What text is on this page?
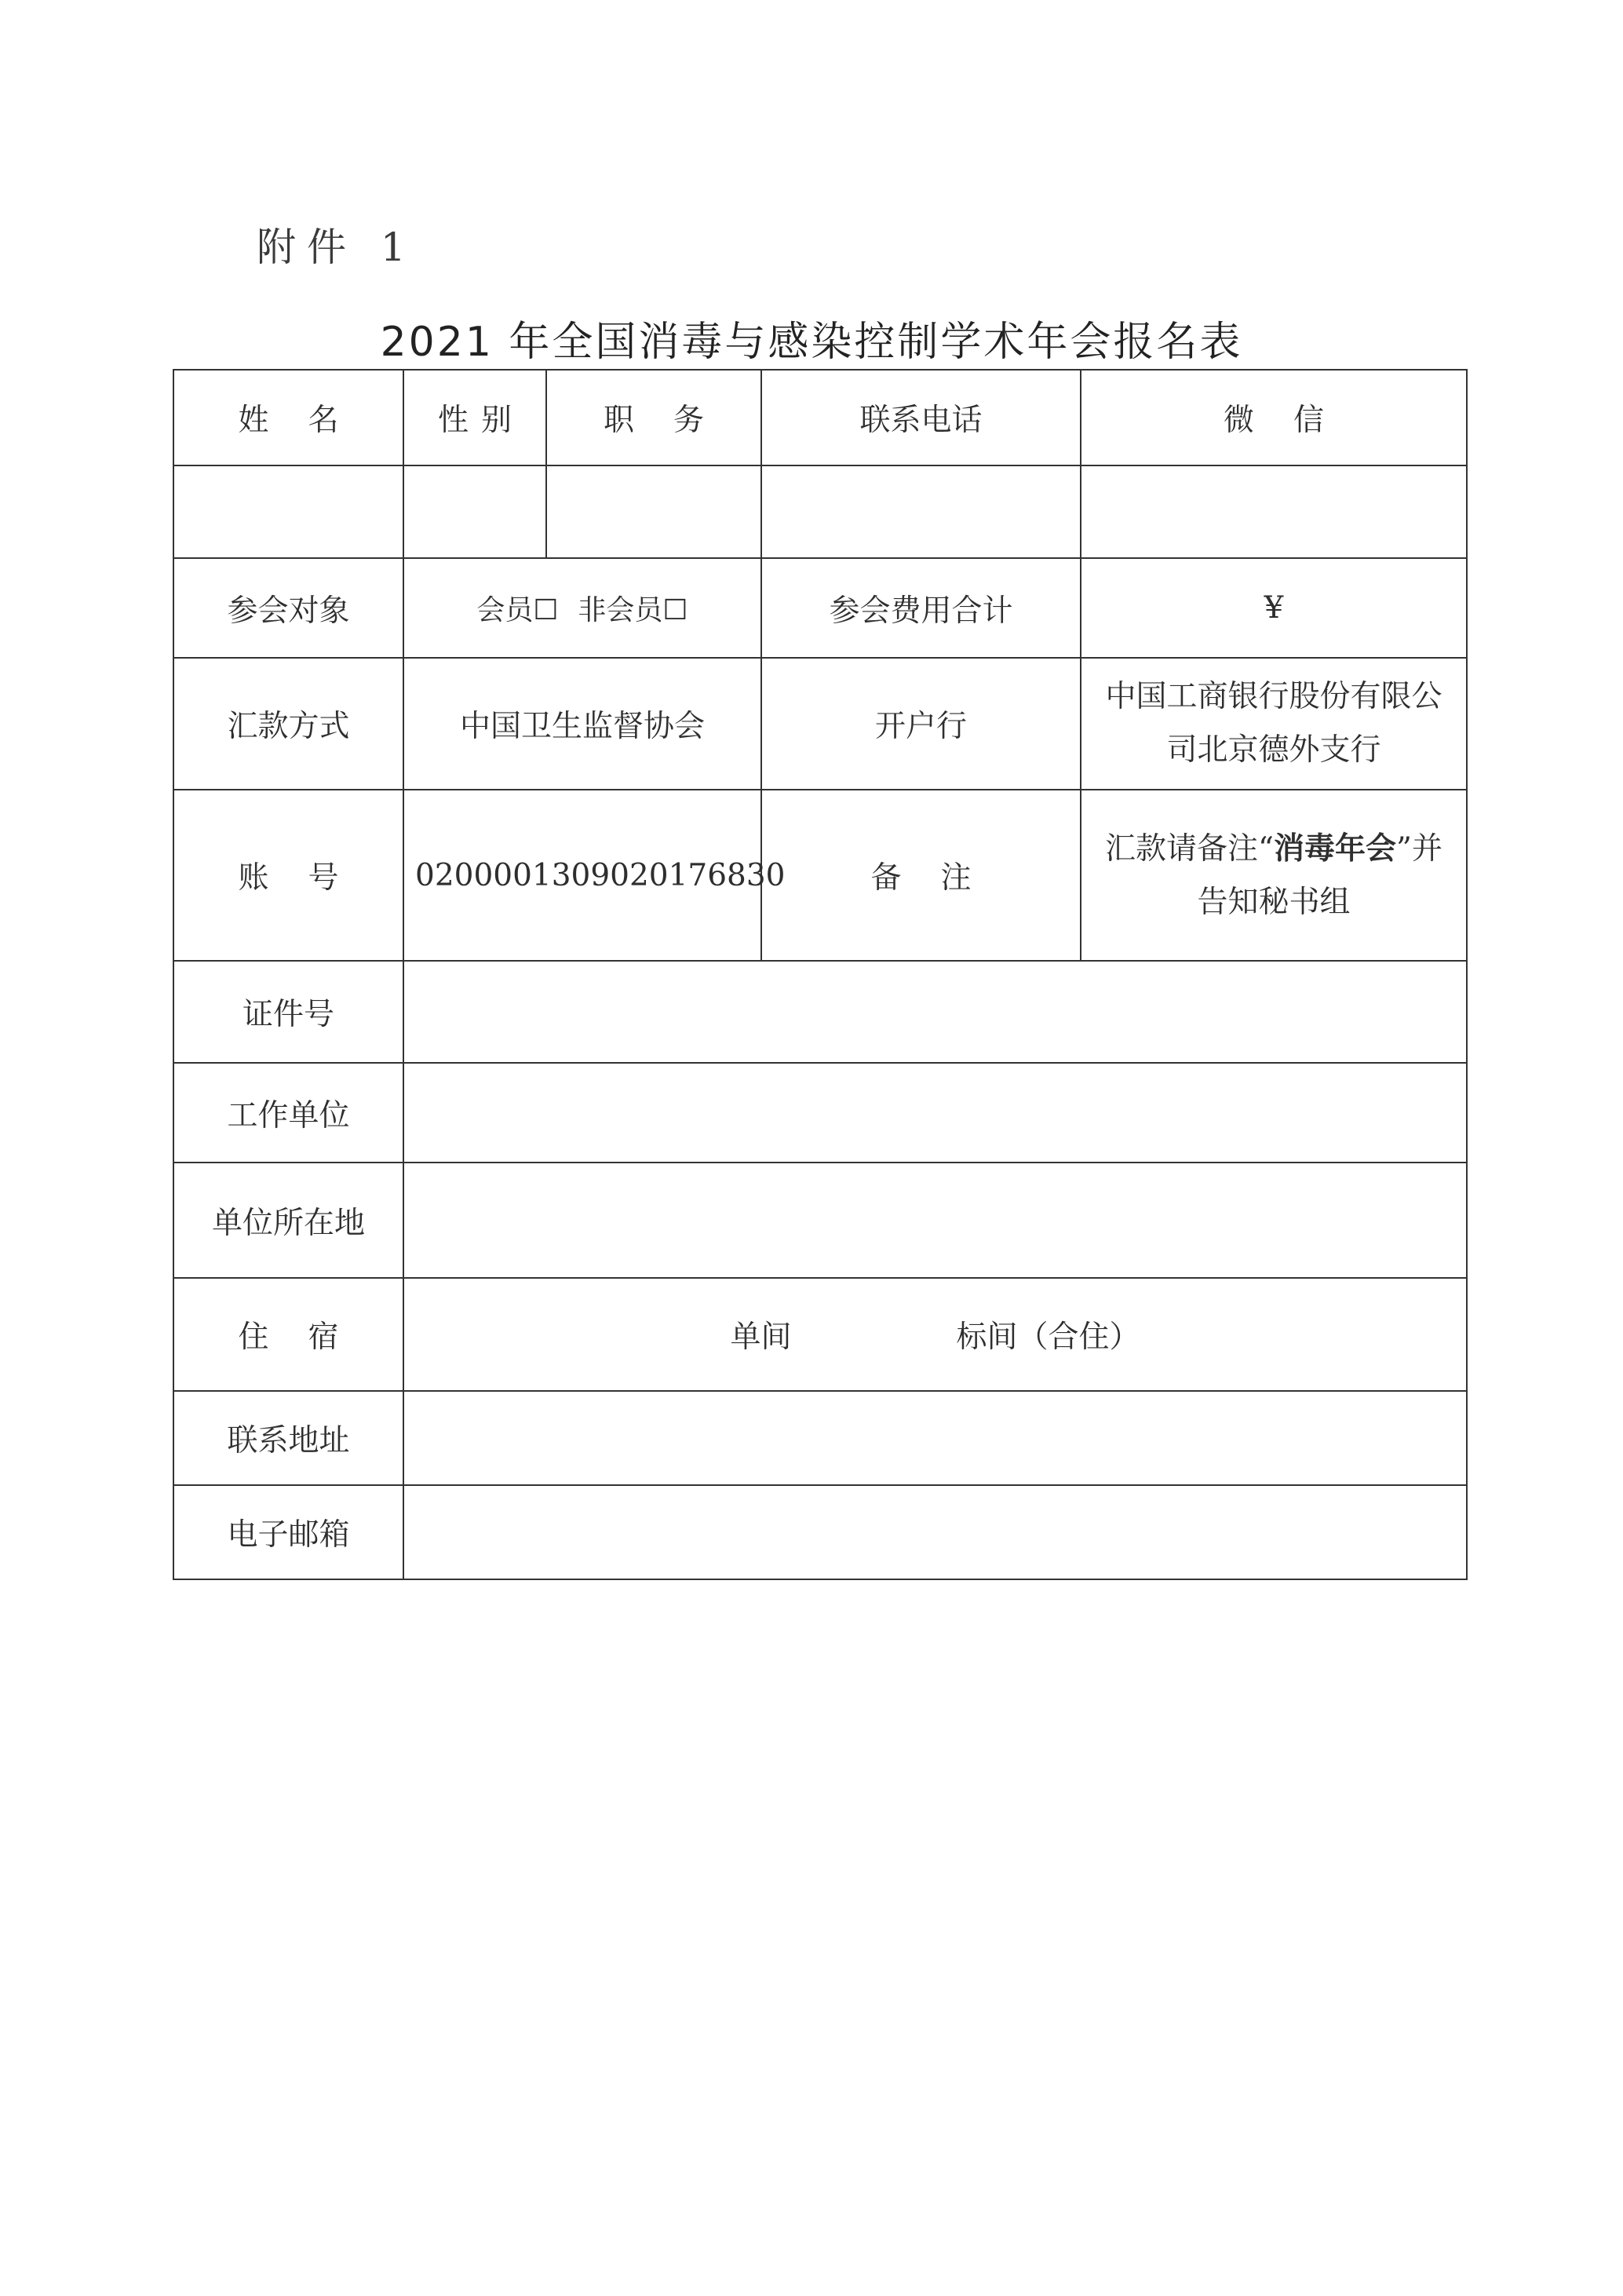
附件 1
2021 年全国消毒与感染控制学术年会报名表
姓名	性别	职务	联系电话	微信

参会对象	会员☐ 非会员☐		参会费用合计	¥
汇款方式	中国卫生监督协会		开户行	中国工商银行股份有限公司北京德外支行
账号	0200001309020176830		备注	汇款请备注“消毒年会”并告知秘书组
证件号				
工作单位				
单位所在地				
住宿	单间 标间（合住）			
联系地址				
电子邮箱				
